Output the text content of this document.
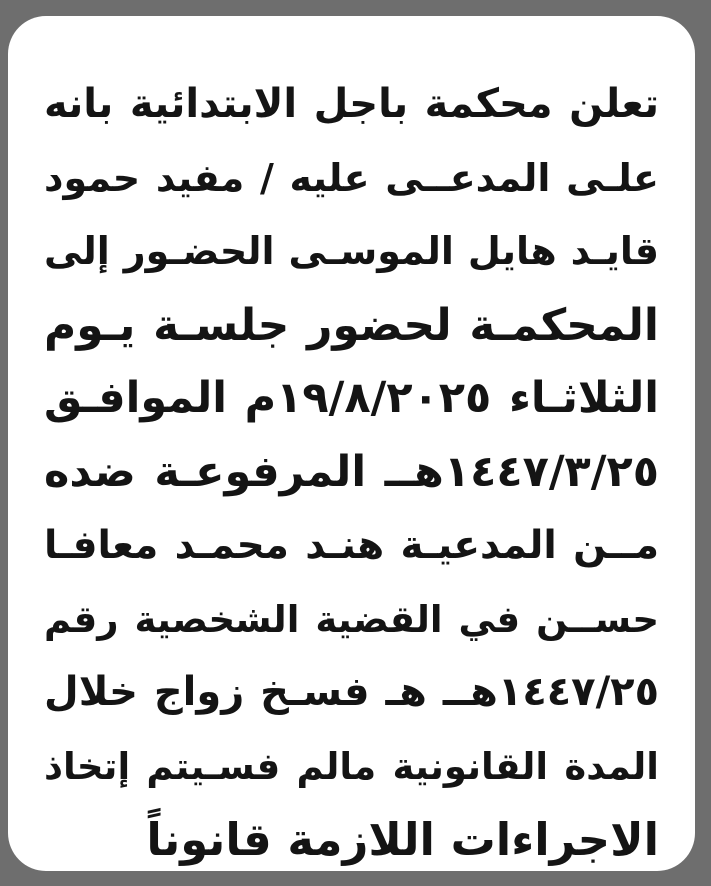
تعلن محكمة باجل الابتدائية بانه
علـى المدعــى عليه / مفيد حمود
قايـد هايل الموسـى الحضـور إلى
المحكمـة لحضور جلسـة يـوم
الثلاثـاء ١٩/٨/٢٠٢٥م الموافـق
١٤٤٧/٣/٢٥هــ المرفوعـة ضده
مــن المدعيـة هنـد محمـد معافـا
حســن في القضية الشخصية رقم
١٤٤٧/٢٥هــ هـ فسـخ زواج خلال
المدة القانونية مالم فسـيتم إتخاذ
الاجراءات اللازمة قانوناً
